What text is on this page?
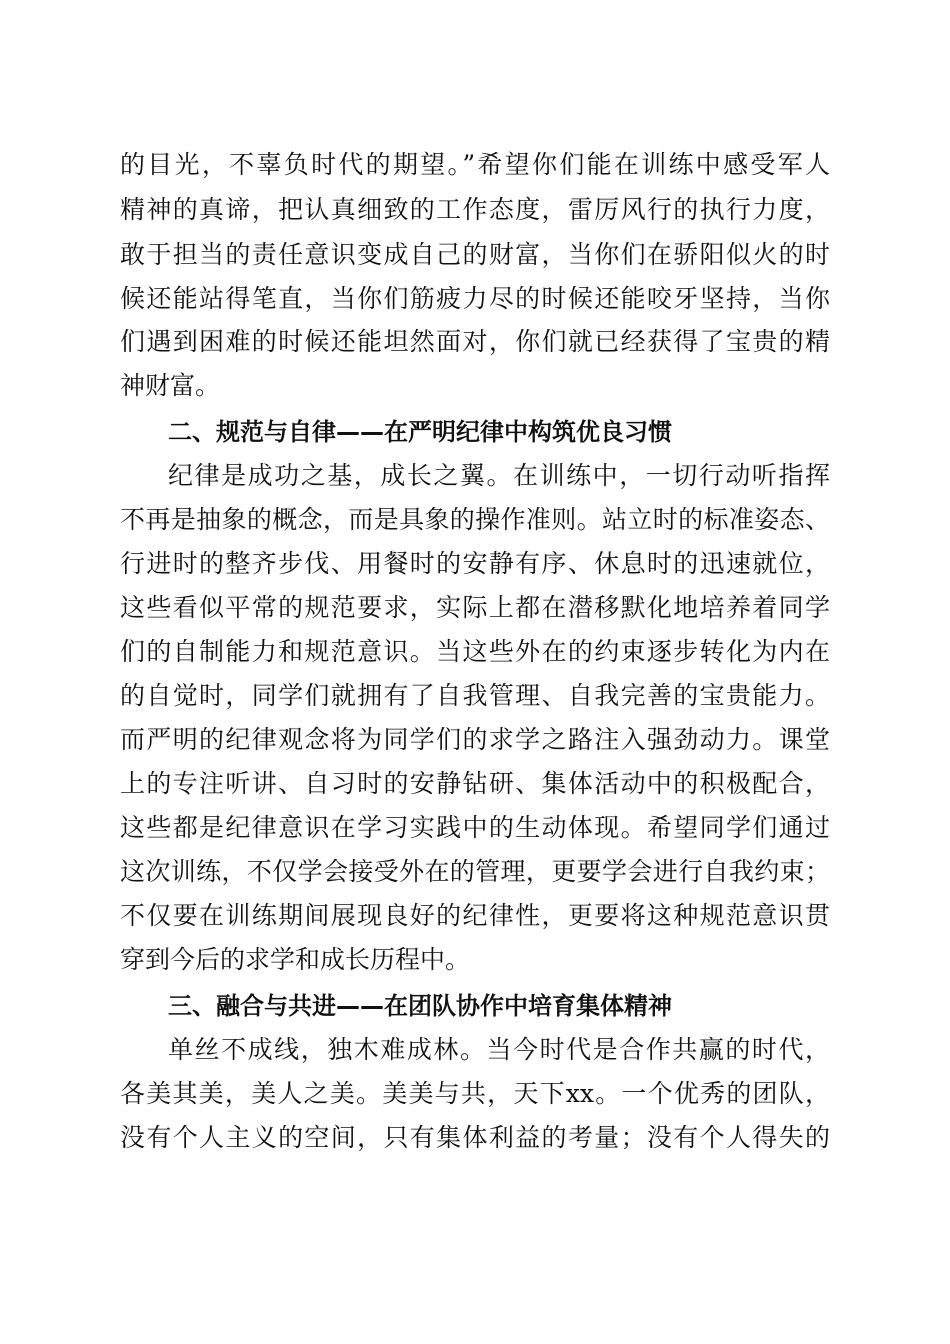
的目光，不辜负时代的期望。”希望你们能在训练中感受军人
精神的真谛，把认真细致的工作态度，雷厉风行的执行力度，
敢于担当的责任意识变成自己的财富，当你们在骄阳似火的时
候还能站得笔直，当你们筋疲力尽的时候还能咬牙坚持，当你
们遇到困难的时候还能坦然面对，你们就已经获得了宝贵的精
神财富。
二、规范与自律——在严明纪律中构筑优良习惯
纪律是成功之基，成长之翼。在训练中，一切行动听指挥
不再是抽象的概念，而是具象的操作准则。站立时的标准姿态、
行进时的整齐步伐、用餐时的安静有序、休息时的迅速就位，
这些看似平常的规范要求，实际上都在潜移默化地培养着同学
们的自制能力和规范意识。当这些外在的约束逐步转化为内在
的自觉时，同学们就拥有了自我管理、自我完善的宝贵能力。
而严明的纪律观念将为同学们的求学之路注入强劲动力。课堂
上的专注听讲、自习时的安静钻研、集体活动中的积极配合，
这些都是纪律意识在学习实践中的生动体现。希望同学们通过
这次训练，不仅学会接受外在的管理，更要学会进行自我约束；
不仅要在训练期间展现良好的纪律性，更要将这种规范意识贯
穿到今后的求学和成长历程中。
三、融合与共进——在团队协作中培育集体精神
单丝不成线，独木难成林。当今时代是合作共赢的时代，
各美其美，美人之美。美美与共，天下xx。一个优秀的团队，
没有个人主义的空间，只有集体利益的考量；没有个人得失的
